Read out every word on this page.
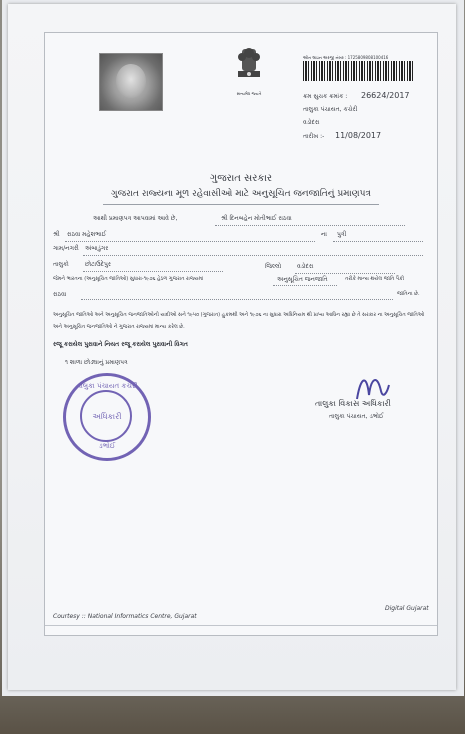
સત્યમેવ જયતે
ઓન લાઇન અરજી નંબર : 1725809808100416
ક્રમ સુચક ક્રમાંક : 26624/2017
તાલુકા પંચાયત, કચેરી
વડોદરા
તારીખ :- 11/08/2017
ગુજરાત સરકાર
ગુજરાત રાજ્યના મૂળ રહેવાસીઓ માટે અનુસૂચિત જનજાતિનું પ્રમાણપત્ર
આથી પ્રમાણપત્ર આપવામાં આવે છે,	શ્રી દિનબહેન મોતીભાઈ રાઠવા
શ્રી રાઠવા મહેશભાઈ	ના પુત્રી
ગામ/નગરી અંબાડુંગર
તાલુકો	છોટાઉદેપુર	જિલ્લો	વડોદરા
જેમને ભારતના (અનુસૂચિત જાતિઓ) સુધારા-૧૯૭૬ હેઠળ ગુજરાત રાજ્યમાં	અનુસૂચિત જનજાતિ	તરીકે માન્ય થયેલ જાતિ પૈકી
રાઠવા	જાતિના છે.
અનુસૂચિત જાતિઓ અને અનુસૂચિત જનજાતિઓની યાદીઓ સને ૧૯૫૦ (ગુજરાત) હુકમથી અને ૧૯૭૬ ના સુધારા અધિનિયમ થી પ્રાપ્ય આધિન રહ્યા છે તે સરકાર ના અનુસૂચિત જાતિઓ અને અનુસૂચિત જનજાતિઓ ને ગુજરાત રાજ્યમાં માન્ય કરેલ છે.
રજૂ કરાયેલ પુરાવાને નિયત રજૂ કરાયેલ પુરાવાની વિગત
૧ શાળા છોડ્યાનું પ્રમાણપત્ર
તાલુકા પંચાયત કચેરી
અધિકારી
ડભોઈ
તાલુકા વિકાસ અધિકારી
તાલુકા પંચાયત, ડભોઈ
Courtesy :: National Informatics Centre, Gujarat
Digital Gujarat
